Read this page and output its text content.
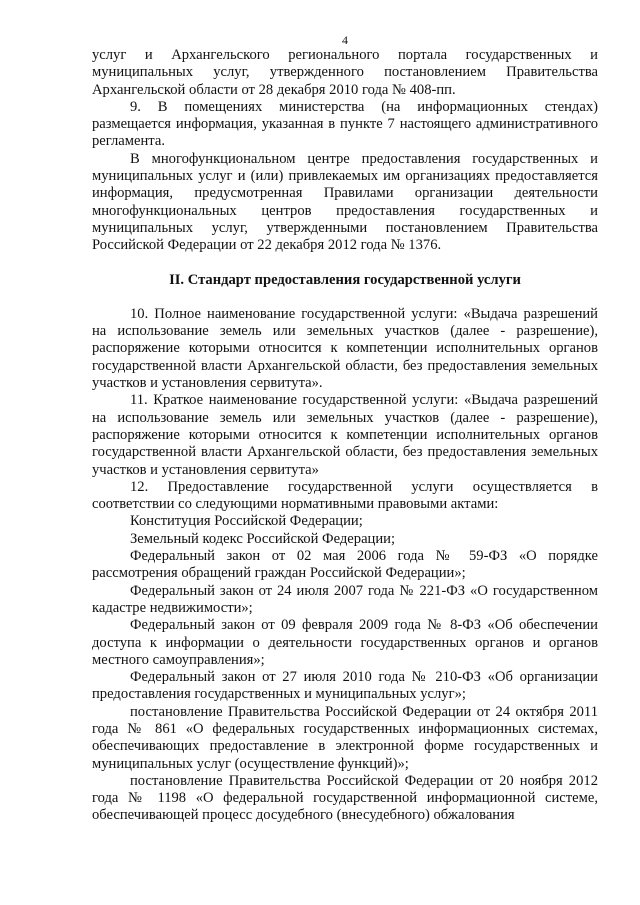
4

услуг и Архангельского регионального портала государственных и муниципальных услуг, утвержденного постановлением Правительства Архангельской области от 28 декабря 2010 года № 408-пп.

9. В помещениях министерства (на информационных стендах) размещается информация, указанная в пункте 7 настоящего административного регламента.

В многофункциональном центре предоставления государственных и муниципальных услуг и (или) привлекаемых им организациях предоставляется информация, предусмотренная Правилами организации деятельности многофункциональных центров предоставления государственных и муниципальных услуг, утвержденными постановлением Правительства Российской Федерации от 22 декабря 2012 года № 1376.

II. Стандарт предоставления государственной услуги

10. Полное наименование государственной услуги: «Выдача разрешений на использование земель или земельных участков (далее - разрешение), распоряжение которыми относится к компетенции исполнительных органов государственной власти Архангельской области, без предоставления земельных участков и установления сервитута».

11. Краткое наименование государственной услуги: «Выдача разрешений на использование земель или земельных участков (далее - разрешение), распоряжение которыми относится к компетенции исполнительных органов государственной власти Архангельской области, без предоставления земельных участков и установления сервитута»

12. Предоставление государственной услуги осуществляется в соответствии со следующими нормативными правовыми актами:

Конституция Российской Федерации;

Земельный кодекс Российской Федерации;

Федеральный закон от 02 мая 2006 года № 59-ФЗ «О порядке рассмотрения обращений граждан Российской Федерации»;

Федеральный закон от 24 июля 2007 года № 221-ФЗ «О государственном кадастре недвижимости»;

Федеральный закон от 09 февраля 2009 года № 8-ФЗ «Об обеспечении доступа к информации о деятельности государственных органов и органов местного самоуправления»;

Федеральный закон от 27 июля 2010 года № 210-ФЗ «Об организации предоставления государственных и муниципальных услуг»;

постановление Правительства Российской Федерации от 24 октября 2011 года № 861 «О федеральных государственных информационных системах, обеспечивающих предоставление в электронной форме государственных и муниципальных услуг (осуществление функций)»;

постановление Правительства Российской Федерации от 20 ноября 2012 года № 1198 «О федеральной государственной информационной системе, обеспечивающей процесс досудебного (внесудебного) обжалования
